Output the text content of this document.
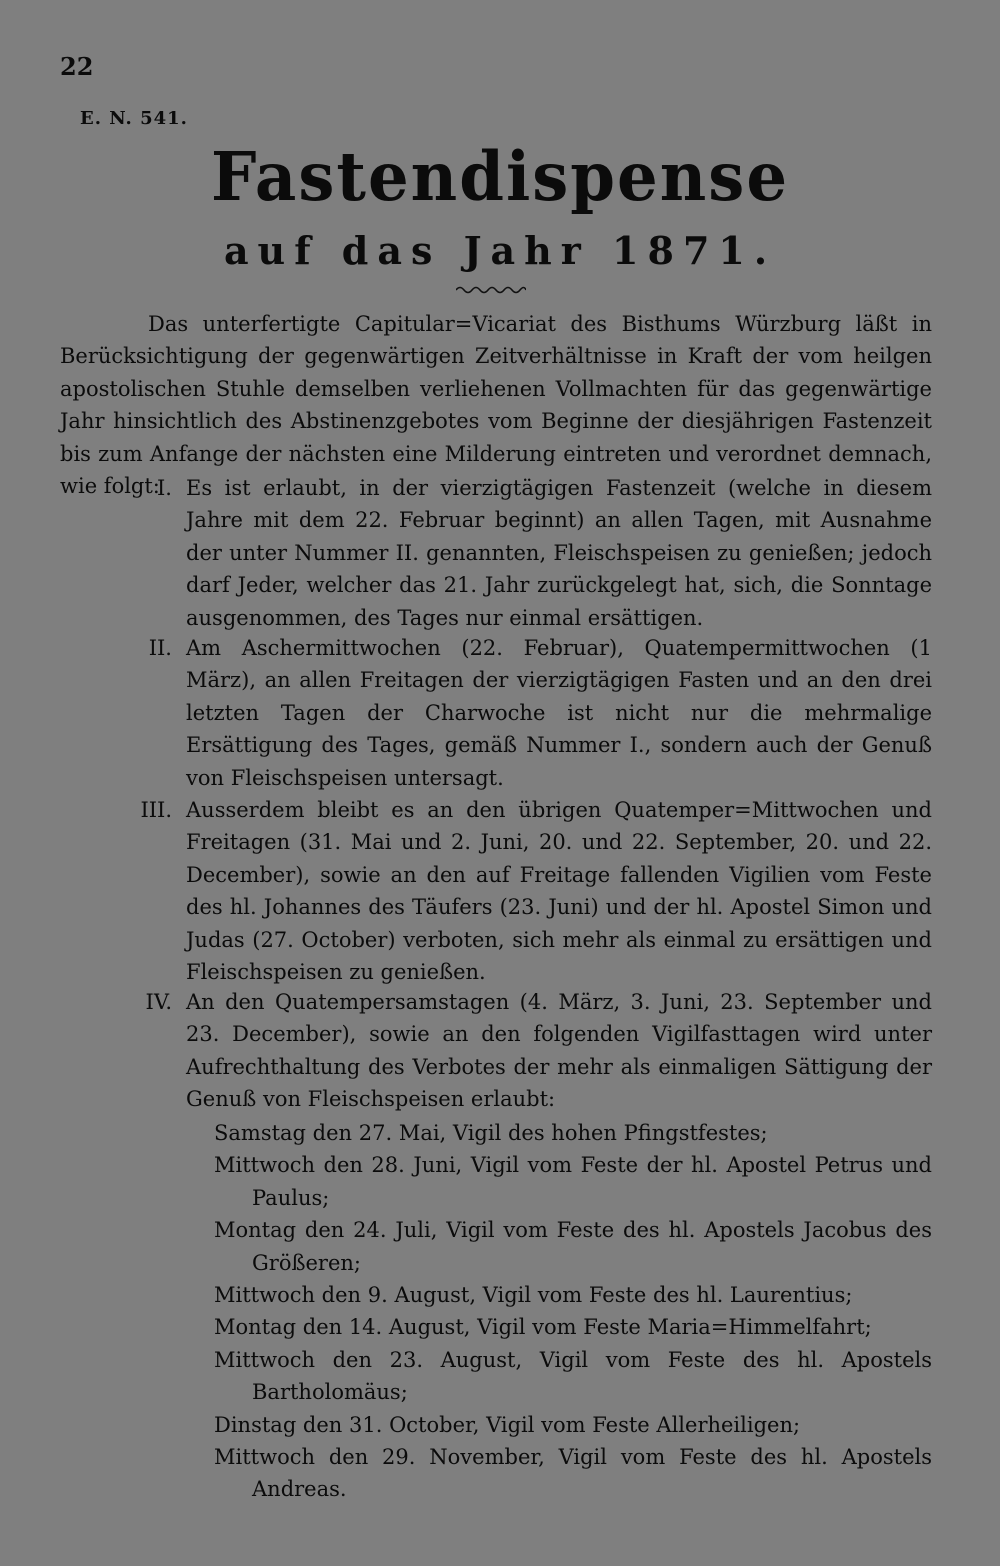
22
E. N. 541.
Fastendispense
auf das Jahr 1871.
Das unterfertigte Capitular=Vicariat des Bisthums Würzburg läßt in Berücksichtigung der gegenwärtigen Zeitverhältnisse in Kraft der vom heilgen apostolischen Stuhle demselben verliehenen Vollmachten für das gegenwärtige Jahr hinsichtlich des Abstinenzgebotes vom Beginne der diesjährigen Fastenzeit bis zum Anfange der nächsten eine Milderung eintreten und verordnet demnach, wie folgt:
I. Es ist erlaubt, in der vierzigtägigen Fastenzeit (welche in diesem Jahre mit dem 22. Februar beginnt) an allen Tagen, mit Ausnahme der unter Nummer II. genannten, Fleischspeisen zu genießen; jedoch darf Jeder, welcher das 21. Jahr zurückgelegt hat, sich, die Sonntage ausgenommen, des Tages nur einmal ersättigen.
II. Am Aschermittwochen (22. Februar), Quatempermittwochen (1 März), an allen Freitagen der vierzigtägigen Fasten und an den drei letzten Tagen der Charwoche ist nicht nur die mehrmalige Ersättigung des Tages, gemäß Nummer I., sondern auch der Genuß von Fleischspeisen untersagt.
III. Ausserdem bleibt es an den übrigen Quatemper=Mittwochen und Freitagen (31. Mai und 2. Juni, 20. und 22. September, 20. und 22. December), sowie an den auf Freitage fallenden Vigilien vom Feste des hl. Johannes des Täufers (23. Juni) und der hl. Apostel Simon und Judas (27. October) verboten, sich mehr als einmal zu ersättigen und Fleischspeisen zu genießen.
IV. An den Quatempersamstagen (4. März, 3. Juni, 23. September und 23. December), sowie an den folgenden Vigilfasttagen wird unter Aufrechthaltung des Verbotes der mehr als einmaligen Sättigung der Genuß von Fleischspeisen erlaubt:
Samstag den 27. Mai, Vigil des hohen Pfingstfestes;
Mittwoch den 28. Juni, Vigil vom Feste der hl. Apostel Petrus und Paulus;
Montag den 24. Juli, Vigil vom Feste des hl. Apostels Jacobus des Größeren;
Mittwoch den 9. August, Vigil vom Feste des hl. Laurentius;
Montag den 14. August, Vigil vom Feste Maria=Himmelfahrt;
Mittwoch den 23. August, Vigil vom Feste des hl. Apostels Bartholomäus;
Dinstag den 31. October, Vigil vom Feste Allerheiligen;
Mittwoch den 29. November, Vigil vom Feste des hl. Apostels Andreas.
